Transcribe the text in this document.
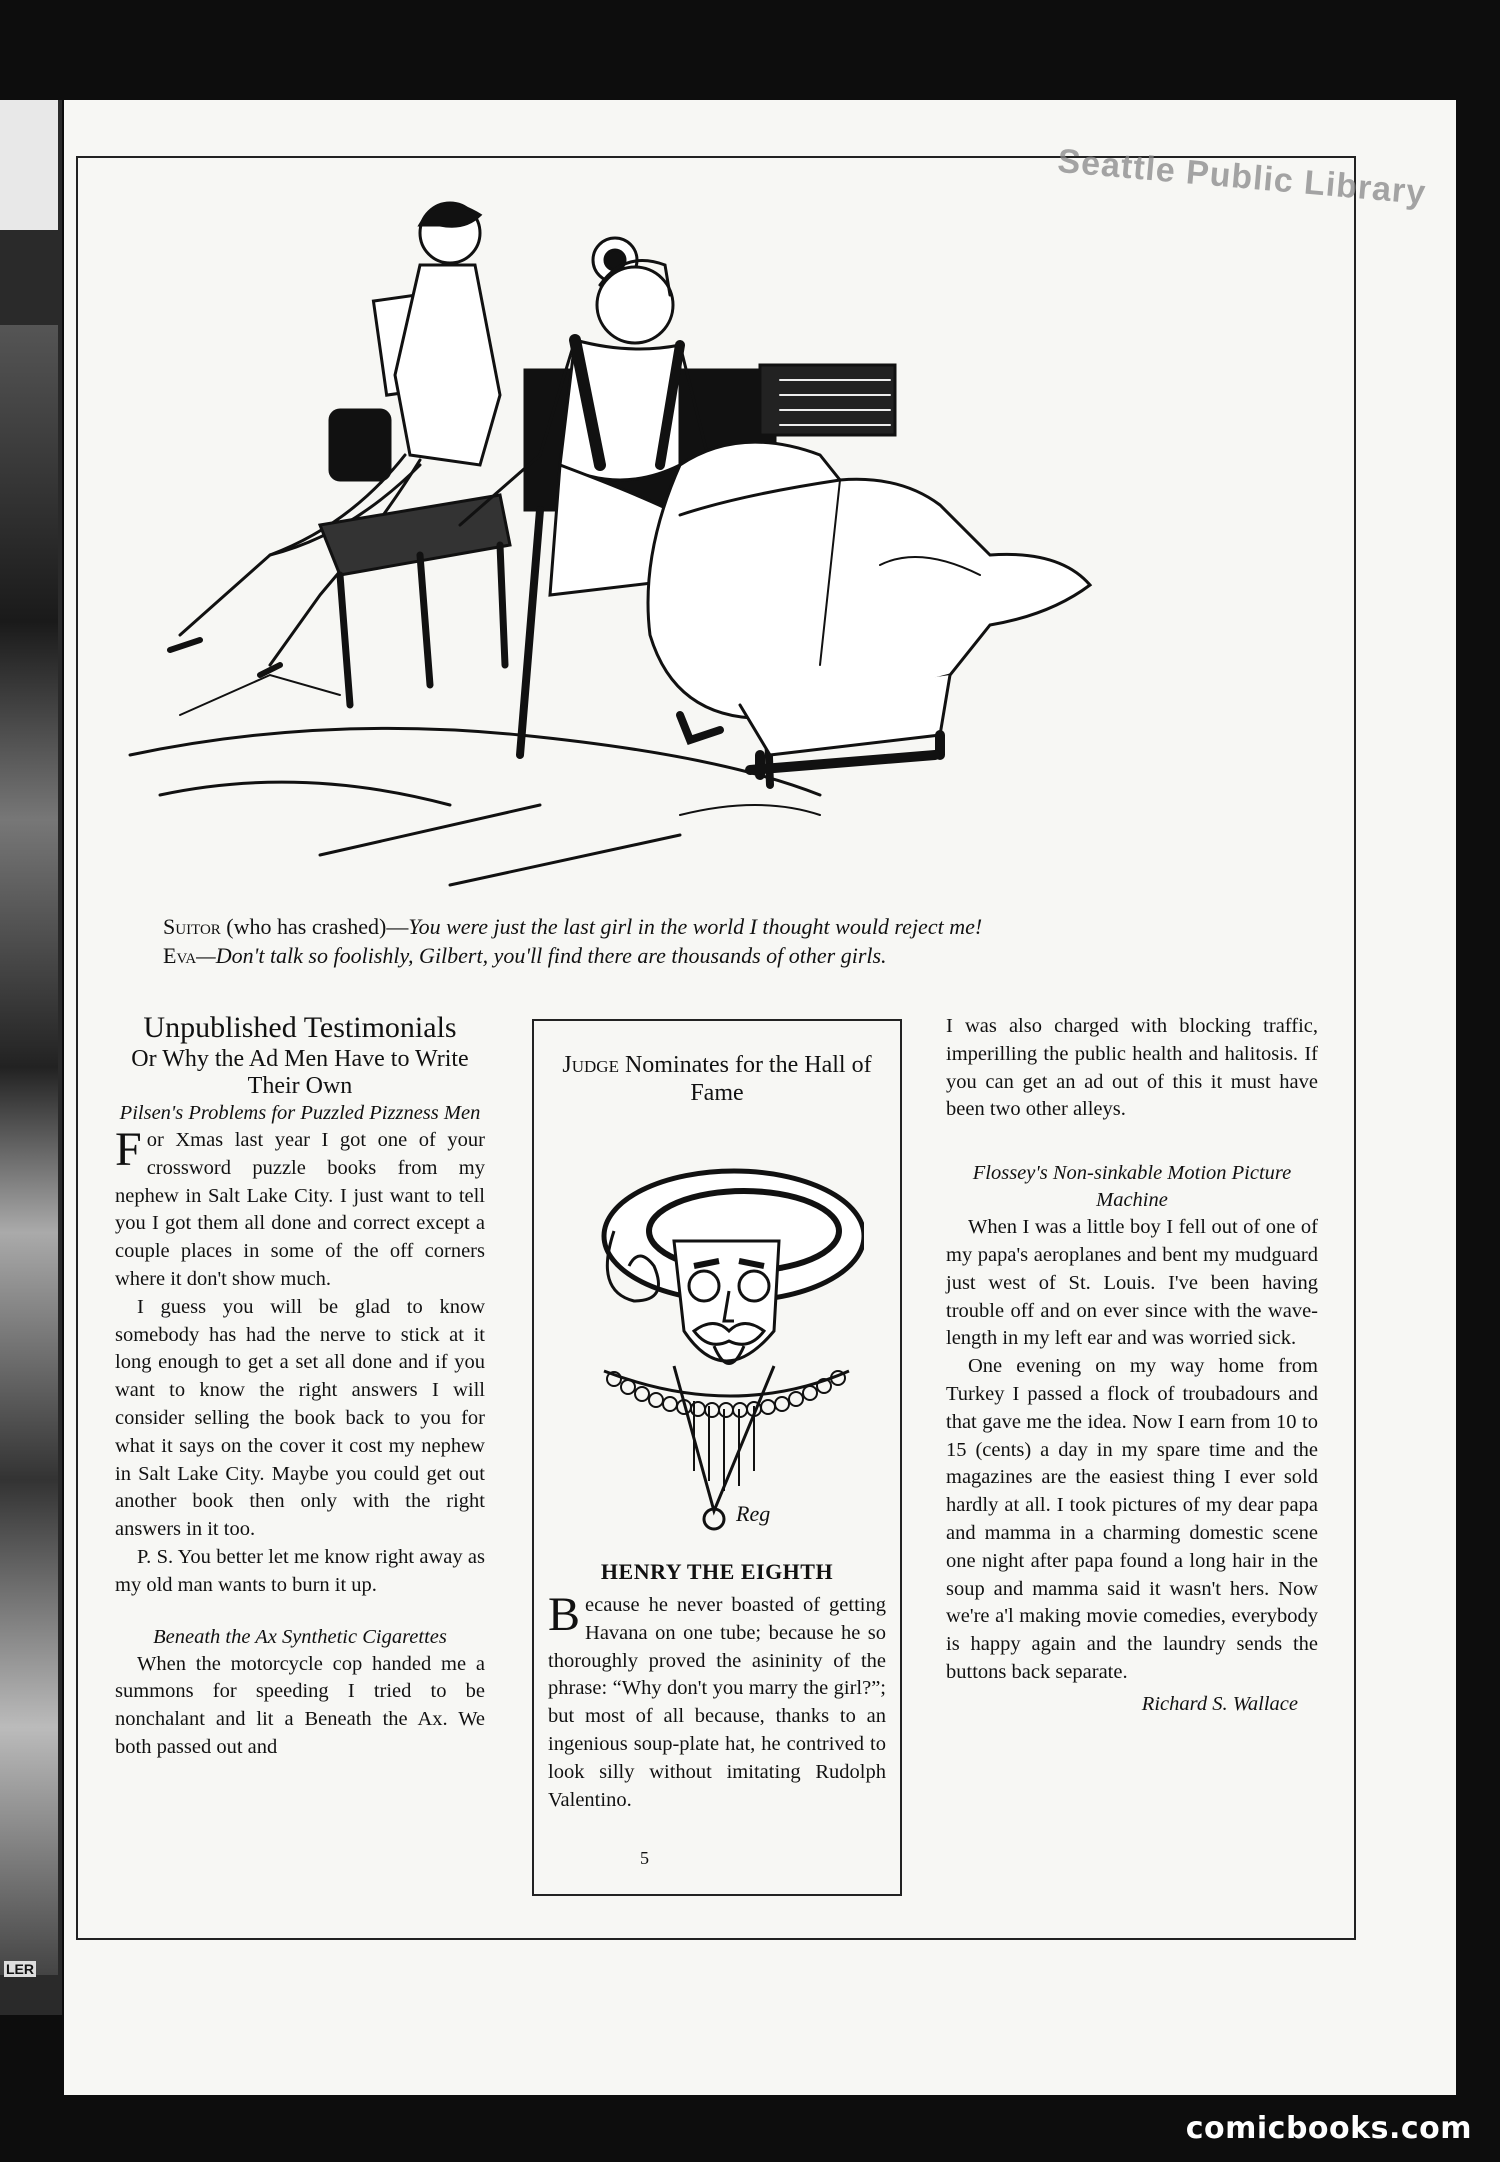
LER
Seattle Public Library
Suitor (who has crashed)—You were just the last girl in the world I thought would reject me!
Eva—Don't talk so foolishly, Gilbert, you'll find there are thousands of other girls.

Unpublished Testimonials

Or Why the Ad Men Have to Write Their Own

Pilsen's Problems for Puzzled Pizzness Men

For Xmas last year I got one of your crossword puzzle books from my nephew in Salt Lake City. I just want to tell you I got them all done and correct except a couple places in some of the off corners where it don't show much.

I guess you will be glad to know somebody has had the nerve to stick at it long enough to get a set all done and if you want to know the right answers I will consider selling the book back to you for what it says on the cover it cost my nephew in Salt Lake City. Maybe you could get out another book then only with the right answers in it too.

P. S. You better let me know right away as my old man wants to burn it up.

Beneath the Ax Synthetic Cigarettes

When the motorcycle cop handed me a summons for speeding I tried to be nonchalant and lit a Beneath the Ax. We both passed out and

Judge Nominates for the Hall of Fame
Reg
HENRY THE EIGHTH

Because he never boasted of getting Havana on one tube; because he so thoroughly proved the asininity of the phrase: “Why don't you marry the girl?”; but most of all because, thanks to an ingenious soup-plate hat, he contrived to look silly without imitating Rudolph Valentino.

I was also charged with blocking traffic, imperilling the public health and halitosis. If you can get an ad out of this it must have been two other alleys.

Flossey's Non-sinkable Motion Picture Machine

When I was a little boy I fell out of one of my papa's aeroplanes and bent my mudguard just west of St. Louis. I've been having trouble off and on ever since with the wave-length in my left ear and was worried sick.

One evening on my way home from Turkey I passed a flock of troubadours and that gave me the idea. Now I earn from 10 to 15 (cents) a day in my spare time and the magazines are the easiest thing I ever sold hardly at all. I took pictures of my dear papa and mamma in a charming domestic scene one night after papa found a long hair in the soup and mamma said it wasn't hers. Now we're a'l making movie comedies, everybody is happy again and the laundry sends the buttons back separate.

Richard S. Wallace

5
comicbooks.com
